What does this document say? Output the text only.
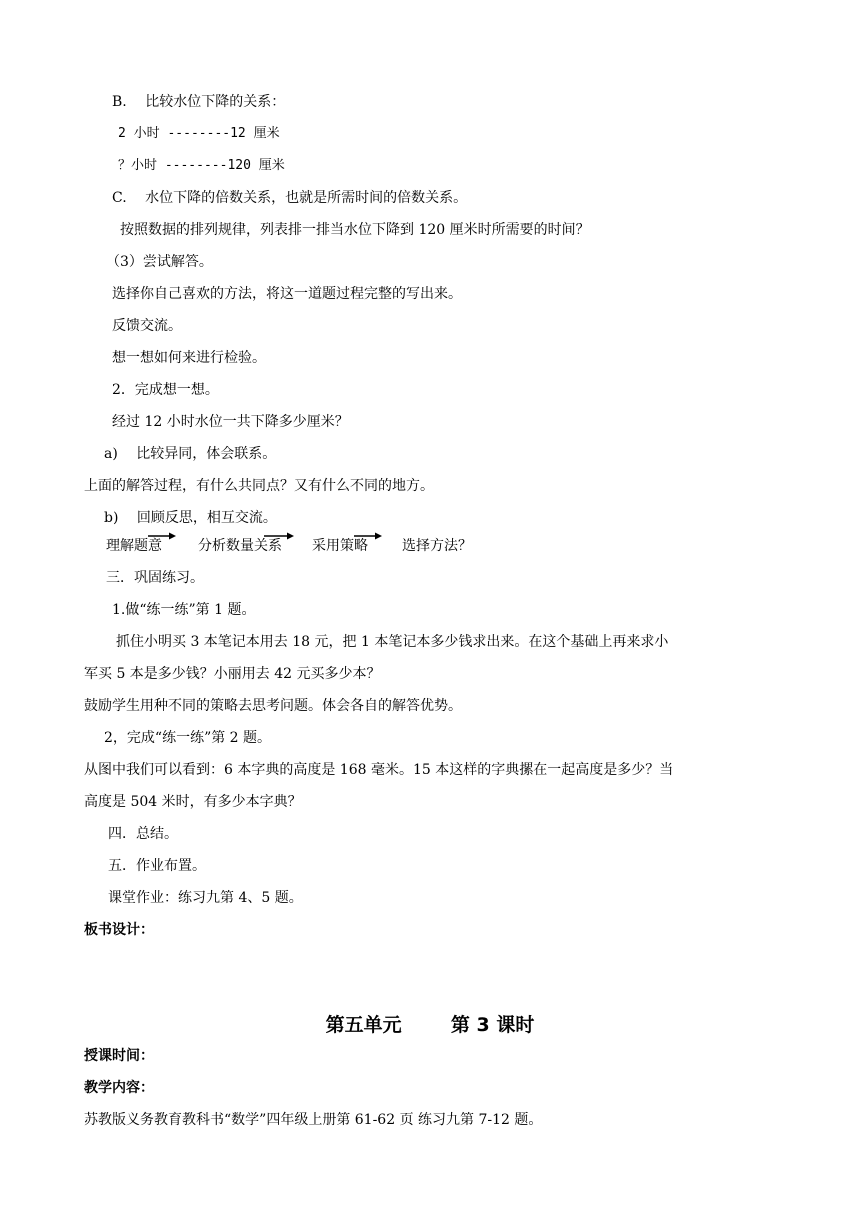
B.　 比较水位下降的关系：
2 小时 --------12 厘米
？小时 --------120 厘米
C.　 水位下降的倍数关系，也就是所需时间的倍数关系。
按照数据的排列规律，列表排一排当水位下降到 120 厘米时所需要的时间？
（3）尝试解答。
选择你自己喜欢的方法，将这一道题过程完整的写出来。
反馈交流。
想一想如何来进行检验。
2．完成想一想。
经过 12 小时水位一共下降多少厘米？
a)　 比较异同，体会联系。
上面的解答过程，有什么共同点？又有什么不同的地方。
b)　 回顾反思，相互交流。
理解题意	分析数量关系 采用策略 选择方法？
三．巩固练习。
1.做“练一练”第 1 题。
抓住小明买 3 本笔记本用去 18 元，把 1 本笔记本多少钱求出来。在这个基础上再来求小
军买 5 本是多少钱？小丽用去 42 元买多少本？
鼓励学生用种不同的策略去思考问题。体会各自的解答优势。
2，完成“练一练”第 2 题。
从图中我们可以看到：6 本字典的高度是 168 毫米。15 本这样的字典摞在一起高度是多少？当
高度是 504 米时，有多少本字典？
四．总结。
五．作业布置。
课堂作业：练习九第 4、5 题。
板书设计：
第五单元	第 3 课时
授课时间：
教学内容：
苏教版义务教育教科书“数学”四年级上册第 61-62 页 练习九第 7-12 题。
